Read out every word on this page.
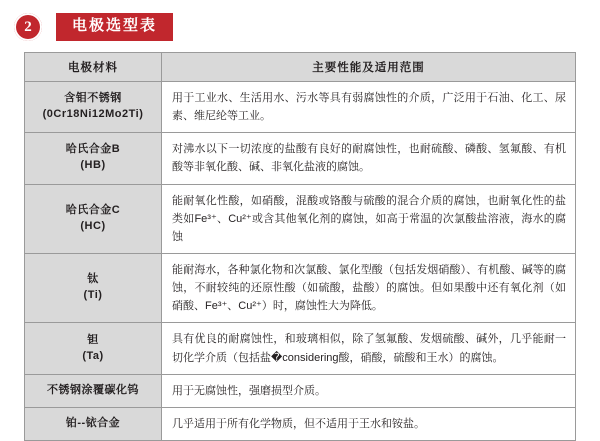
2	电极选型表
电极材料	主要性能及适用范围

含钼不锈钢
(0Cr18Ni12Mo2Ti)	用于工业水、生活用水、污水等具有弱腐蚀性的介质，广泛用于石油、化工、尿素、维尼纶等工业。

哈氏合金B
(HB)	对沸水以下一切浓度的盐酸有良好的耐腐蚀性，也耐硫酸、磷酸、氢氟酸、有机酸等非氧化酸、碱、非氧化盐液的腐蚀。

哈氏合金C
(HC)	能耐氧化性酸，如硝酸，混酸或铬酸与硫酸的混合介质的腐蚀，也耐氧化性的盐类如Fe³⁺、Cu²⁺或含其他氧化剂的腐蚀，如高于常温的次氯酸盐溶液，海水的腐蚀

钛
(Ti)	能耐海水，各种氯化物和次氯酸、氯化型酸（包括发烟硝酸）、有机酸、碱等的腐蚀，不耐较纯的还原性酸（如硫酸，盐酸）的腐蚀。但如果酸中还有氧化剂（如硝酸、Fe³⁺、Cu²⁺）时，腐蚀性大为降低。

钽
(Ta)	具有优良的耐腐蚀性，和玻璃相似，除了氢氟酸、发烟硫酸、碱外，几乎能耐一切化学介质（包括盐�considering酸，硝酸，硫酸和王水）的腐蚀。

不锈钢涂覆碳化钨	用于无腐蚀性，强磨损型介质。

铂--铱合金	几乎适用于所有化学物质，但不适用于王水和铵盐。
